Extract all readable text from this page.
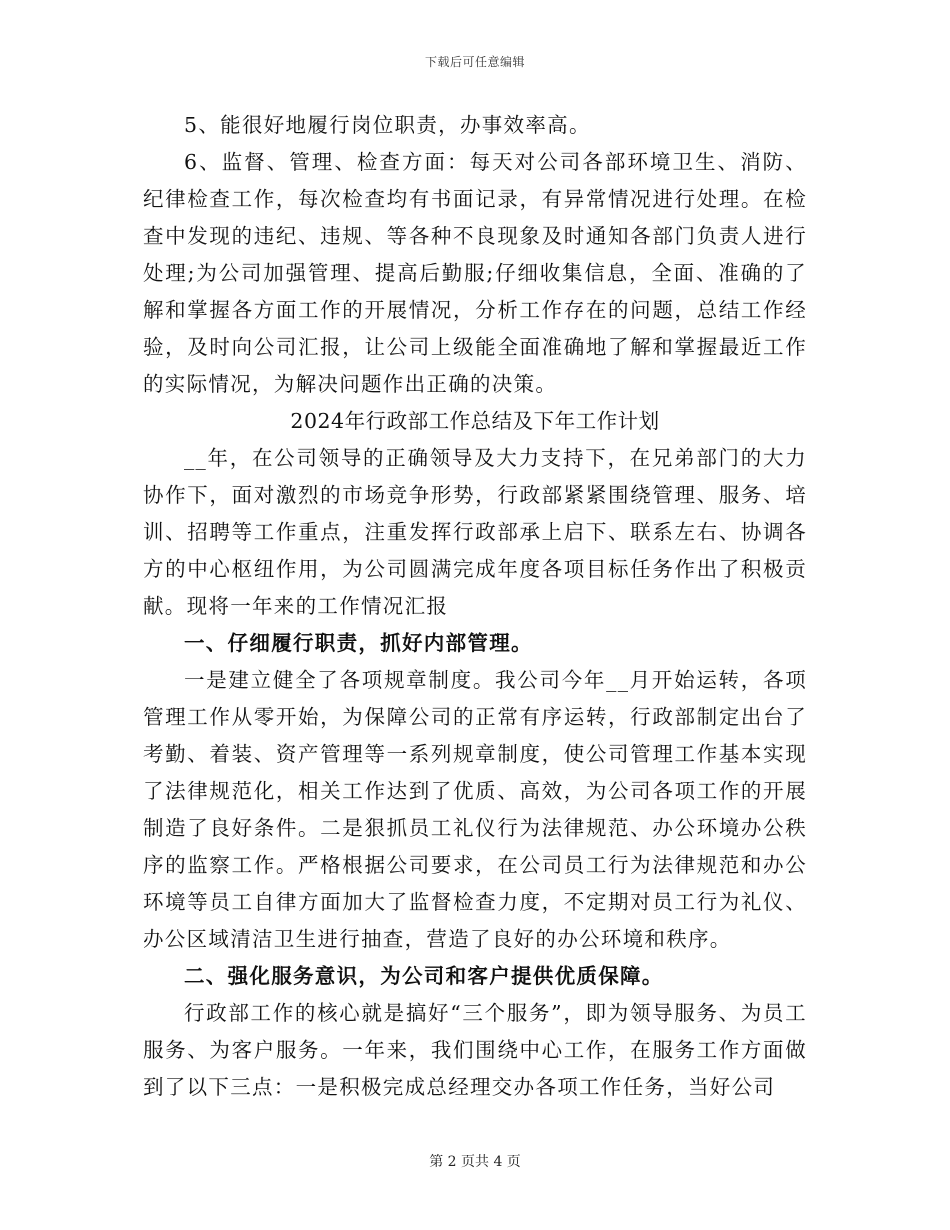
下载后可任意编辑

5、能很好地履行岗位职责，办事效率高。

6、监督、管理、检查方面：每天对公司各部环境卫生、消防、纪律检查工作，每次检查均有书面记录，有异常情况进行处理。在检查中发现的违纪、违规、等各种不良现象及时通知各部门负责人进行处理;为公司加强管理、提高后勤服;仔细收集信息，全面、准确的了解和掌握各方面工作的开展情况，分析工作存在的问题，总结工作经验，及时向公司汇报，让公司上级能全面准确地了解和掌握最近工作的实际情况，为解决问题作出正确的决策。

2024年行政部工作总结及下年工作计划

__年，在公司领导的正确领导及大力支持下，在兄弟部门的大力协作下，面对激烈的市场竞争形势，行政部紧紧围绕管理、服务、培训、招聘等工作重点，注重发挥行政部承上启下、联系左右、协调各方的中心枢纽作用，为公司圆满完成年度各项目标任务作出了积极贡献。现将一年来的工作情况汇报

一、仔细履行职责，抓好内部管理。

一是建立健全了各项规章制度。我公司今年__月开始运转，各项管理工作从零开始，为保障公司的正常有序运转，行政部制定出台了考勤、着装、资产管理等一系列规章制度，使公司管理工作基本实现了法律规范化，相关工作达到了优质、高效，为公司各项工作的开展制造了良好条件。二是狠抓员工礼仪行为法律规范、办公环境办公秩序的监察工作。严格根据公司要求，在公司员工行为法律规范和办公环境等员工自律方面加大了监督检查力度，不定期对员工行为礼仪、办公区域清洁卫生进行抽查，营造了良好的办公环境和秩序。

二、强化服务意识，为公司和客户提供优质保障。

行政部工作的核心就是搞好“三个服务”，即为领导服务、为员工服务、为客户服务。一年来，我们围绕中心工作，在服务工作方面做到了以下三点：一是积极完成总经理交办各项工作任务，当好公司

第 2 页共 4 页
